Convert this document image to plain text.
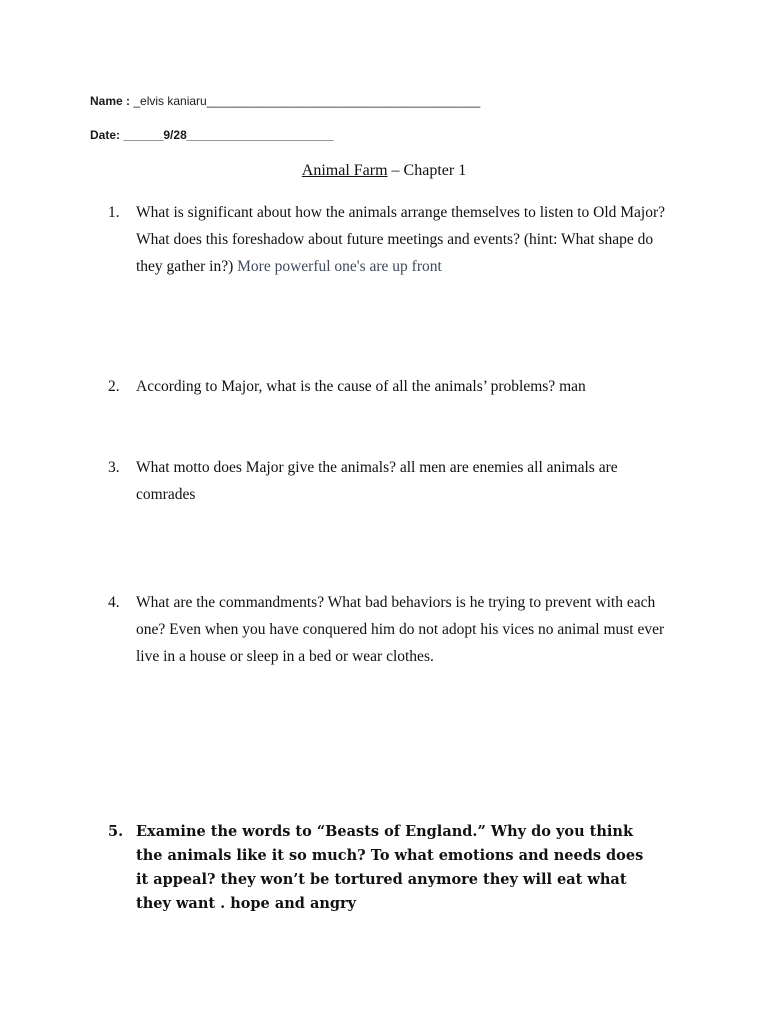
Name : _elvis kaniaru_________________________________________
Date: ______9/28______________________
Animal Farm – Chapter 1
1.	What is significant about how the animals arrange themselves to listen to Old Major? What does this foreshadow about future meetings and events? (hint: What shape do they gather in?) More powerful one's are up front
2.	According to Major, what is the cause of all the animals’ problems? man
3.	What motto does Major give the animals? all men are enemies all animals are comrades
4.	What are the commandments? What bad behaviors is he trying to prevent with each one? Even when you have conquered him do not adopt his vices no animal must ever live in a house or sleep in a bed or wear clothes.
5. Examine the words to “Beasts of England.” Why do you think the animals like it so much? To what emotions and needs does it appeal? they won’t be tortured anymore they will eat what they want . hope and angry
